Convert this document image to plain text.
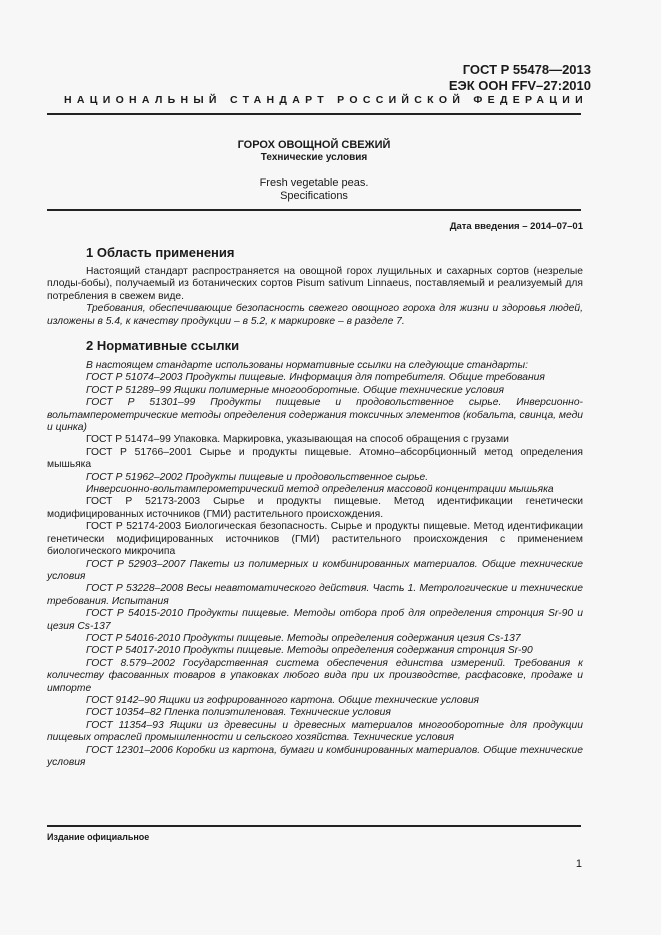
ГОСТ Р 55478—2013
ЕЭК ООН FFV–27:2010
НАЦИОНАЛЬНЫЙ СТАНДАРТ РОССИЙСКОЙ ФЕДЕРАЦИИ
ГОРОХ ОВОЩНОЙ СВЕЖИЙ
Технические условия
Fresh vegetable peas.
Specifications
Дата введения – 2014–07–01
1 Область применения

Настоящий стандарт распространяется на овощной горох лущильных и сахарных сортов (незрелые плоды-бобы), получаемый из ботанических сортов Pisum sativum Linnaeus, поставляемый и реализуемый для потребления в свежем виде.

Требования, обеспечивающие безопасность свежего овощного гороха для жизни и здоровья людей, изложены в 5.4, к качеству продукции – в 5.2, к маркировке – в разделе 7.

2 Нормативные ссылки

В настоящем стандарте использованы нормативные ссылки на следующие стандарты:

ГОСТ Р 51074–2003 Продукты пищевые. Информация для потребителя. Общие требования

ГОСТ Р 51289–99 Ящики полимерные многооборотные. Общие технические условия

ГОСТ Р 51301–99 Продукты пищевые и продовольственное сырье. Инверсионно-вольтамперометрические методы определения содержания токсичных элементов (кобальта, свинца, меди и цинка)

ГОСТ Р 51474–99 Упаковка. Маркировка, указывающая на способ обращения с грузами

ГОСТ Р 51766–2001 Сырье и продукты пищевые. Атомно–абсорбционный метод определения мышьяка

ГОСТ Р 51962–2002 Продукты пищевые и продовольственное сырье.

Инверсионно-вольтамперометрический метод определения массовой концентрации мышьяка

ГОСТ Р 52173-2003 Сырье и продукты пищевые. Метод идентификации генетически модифицированных источников (ГМИ) растительного происхождения.

ГОСТ Р 52174-2003 Биологическая безопасность. Сырье и продукты пищевые. Метод идентификации генетически модифицированных источников (ГМИ) растительного происхождения с применением биологического микрочипа

ГОСТ Р 52903–2007 Пакеты из полимерных и комбинированных материалов. Общие технические условия

ГОСТ Р 53228–2008 Весы неавтоматического действия. Часть 1. Метрологические и технические требования. Испытания

ГОСТ Р 54015-2010 Продукты пищевые. Методы отбора проб для определения стронция Sr-90 и цезия Cs-137

ГОСТ Р 54016-2010 Продукты пищевые. Методы определения содержания цезия Cs-137

ГОСТ Р 54017-2010 Продукты пищевые. Методы определения содержания стронция Sr-90

ГОСТ 8.579–2002 Государственная система обеспечения единства измерений. Требования к количеству фасованных товаров в упаковках любого вида при их производстве, расфасовке, продаже и импорте

ГОСТ 9142–90 Ящики из гофрированного картона. Общие технические условия

ГОСТ 10354–82 Пленка полиэтиленовая. Технические условия

ГОСТ 11354–93 Ящики из древесины и древесных материалов многооборотные для продукции пищевых отраслей промышленности и сельского хозяйства. Технические условия

ГОСТ 12301–2006 Коробки из картона, бумаги и комбинированных материалов. Общие технические условия

Издание официальное
1
